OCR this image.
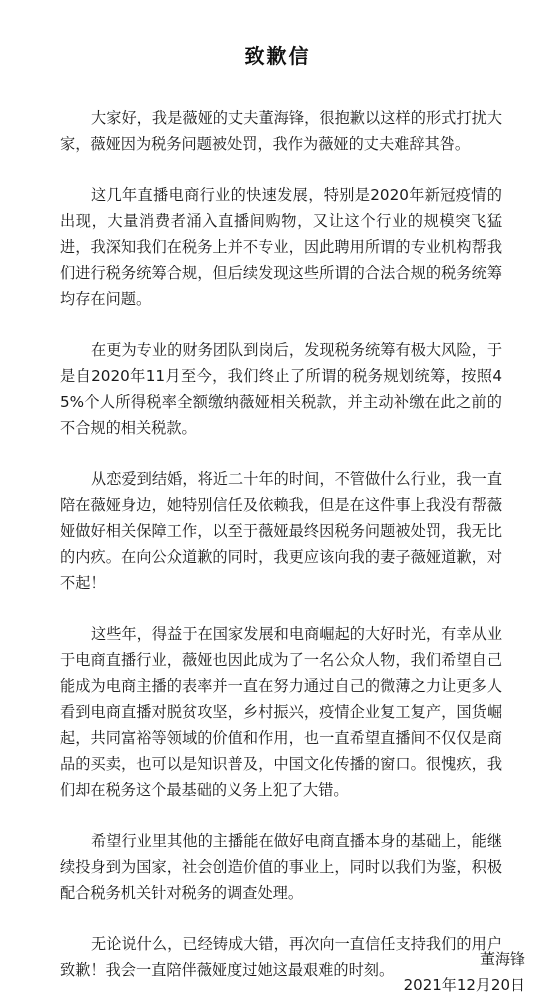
致歉信

大家好，我是薇娅的丈夫董海锋，很抱歉以这样的形式打扰大家，薇娅因为税务问题被处罚，我作为薇娅的丈夫难辞其咎。

这几年直播电商行业的快速发展，特别是2020年新冠疫情的出现，大量消费者涌入直播间购物，又让这个行业的规模突飞猛进，我深知我们在税务上并不专业，因此聘用所谓的专业机构帮我们进行税务统筹合规，但后续发现这些所谓的合法合规的税务统筹均存在问题。

在更为专业的财务团队到岗后，发现税务统筹有极大风险，于是自2020年11月至今，我们终止了所谓的税务规划统筹，按照45%个人所得税率全额缴纳薇娅相关税款，并主动补缴在此之前的不合规的相关税款。

从恋爱到结婚，将近二十年的时间，不管做什么行业，我一直陪在薇娅身边，她特别信任及依赖我，但是在这件事上我没有帮薇娅做好相关保障工作，以至于薇娅最终因税务问题被处罚，我无比的内疚。在向公众道歉的同时，我更应该向我的妻子薇娅道歉，对不起！

这些年，得益于在国家发展和电商崛起的大好时光，有幸从业于电商直播行业，薇娅也因此成为了一名公众人物，我们希望自己能成为电商主播的表率并一直在努力通过自己的微薄之力让更多人看到电商直播对脱贫攻坚，乡村振兴，疫情企业复工复产，国货崛起，共同富裕等领域的价值和作用，也一直希望直播间不仅仅是商品的买卖，也可以是知识普及，中国文化传播的窗口。很愧疚，我们却在税务这个最基础的义务上犯了大错。

希望行业里其他的主播能在做好电商直播本身的基础上，能继续投身到为国家，社会创造价值的事业上，同时以我们为鉴，积极配合税务机关针对税务的调查处理。

无论说什么，已经铸成大错，再次向一直信任支持我们的用户致歉！我会一直陪伴薇娅度过她这最艰难的时刻。

董海锋
2021年12月20日
